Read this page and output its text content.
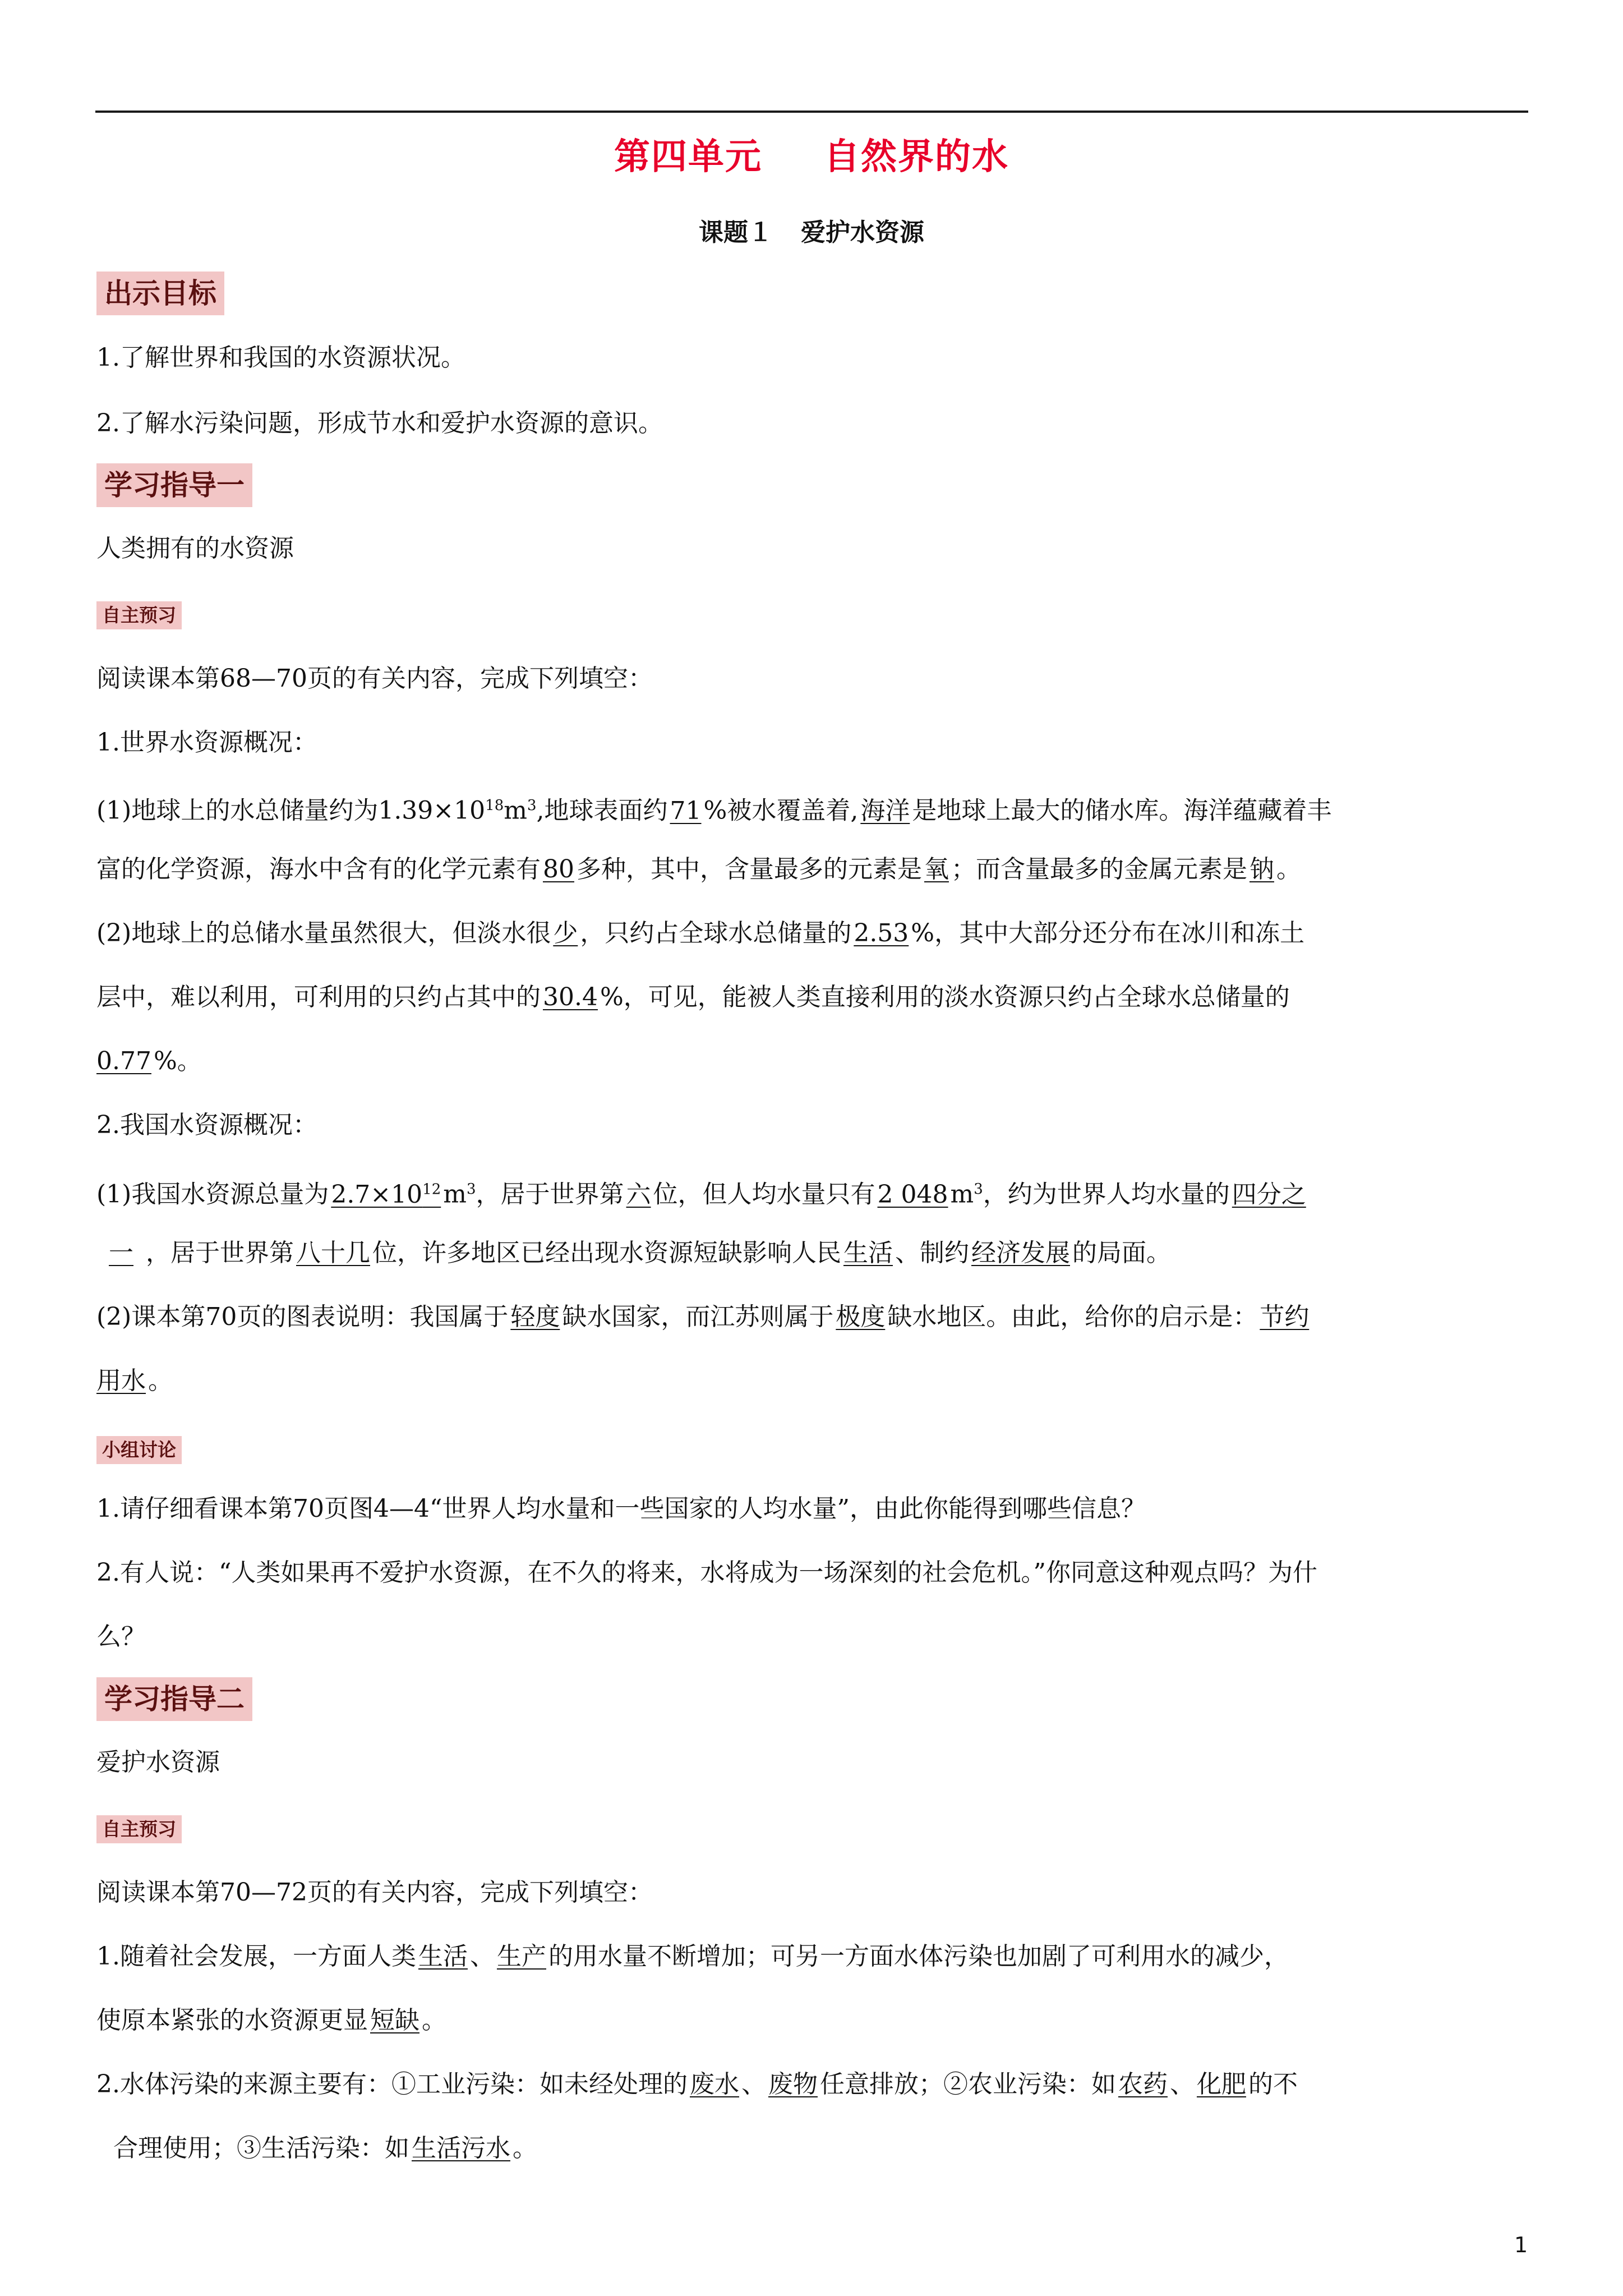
第四单元 自然界的水
课题１ 爱护水资源
出示目标
1.了解世界和我国的水资源状况。
2.了解水污染问题，形成节水和爱护水资源的意识。
学习指导一
人类拥有的水资源
自主预习
阅读课本第68—70页的有关内容，完成下列填空：
1.世界水资源概况：
(1)地球上的水总储量约为$1.39\times 10^{18}m^3$,地球表面约71%被水覆盖着,海洋是地球上最大的储水库。海洋蕴藏着丰
富的化学资源，海水中含有的化学元素有80多种，其中，含量最多的元素是氧；而含量最多的金属元素是钠。
(2)地球上的总储水量虽然很大，但淡水很少，只约占全球水总储量的2.53%，其中大部分还分布在冰川和冻土
层中，难以利用，可利用的只约占其中的30.4%，可见，能被人类直接利用的淡水资源只约占全球水总储量的
0.77%。
2.我国水资源概况：
(1)我国水资源总量为$2.7\times 10^{12}m^3$，居于世界第六位，但人均水量只有2 $048m^3$，约为世界人均水量的四分之
一 ，居于世界第八十几位，许多地区已经出现水资源短缺影响人民生活、制约经济发展的局面。
(2)课本第70页的图表说明：我国属于轻度缺水国家，而江苏则属于极度缺水地区。由此，给你的启示是：节约
用水。
小组讨论
1.请仔细看课本第70页图4—4“世界人均水量和一些国家的人均水量”，由此你能得到哪些信息？
2.有人说：“人类如果再不爱护水资源，在不久的将来，水将成为一场深刻的社会危机。”你同意这种观点吗？为什
么？
学习指导二
爱护水资源
自主预习
阅读课本第70—72页的有关内容，完成下列填空：
1.随着社会发展，一方面人类生活、生产的用水量不断增加；可另一方面水体污染也加剧了可利用水的减少，
使原本紧张的水资源更显短缺。
2.水体污染的来源主要有：①工业污染：如未经处理的废水、废物任意排放；②农业污染：如农药、化肥的不
合理使用；③生活污染：如生活污水。
1
